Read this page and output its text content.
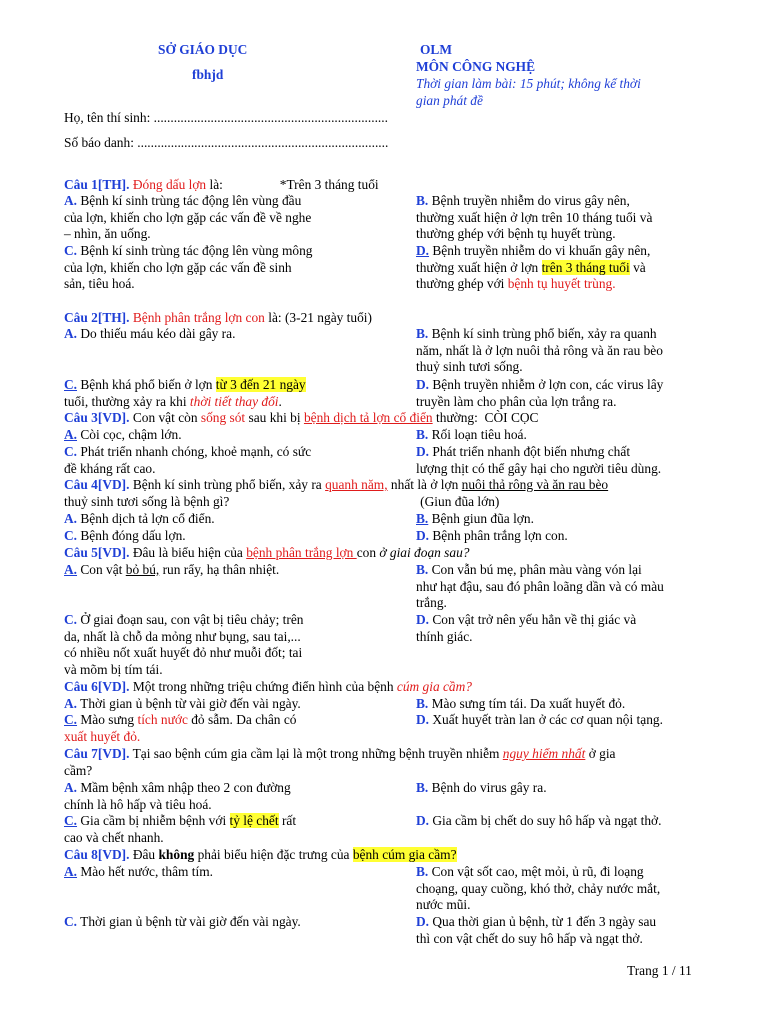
SỞ GIÁO DỤC
fbhjd
OLM
MÔN CÔNG NGHỆ
Thời gian làm bài: 15 phút; không kể thời
gian phát đề
Họ, tên thí sinh: ......................................................................
Số báo danh: ...........................................................................
Câu 1[TH]. Đóng dấu lợn là:                 *Trên 3 tháng tuổi
A. Bệnh kí sinh trùng tác động lên vùng đầu
của lợn, khiến cho lợn gặp các vấn đề về nghe
– nhìn, ăn uống.
B. Bệnh truyền nhiễm do virus gây nên,
thường xuất hiện ở lợn trên 10 tháng tuổi và
thường ghép với bệnh tụ huyết trùng.
C. Bệnh kí sinh trùng tác động lên vùng mông
của lợn, khiến cho lợn gặp các vấn đề sinh
sản, tiêu hoá.
D. Bệnh truyền nhiễm do vi khuẩn gây nên,
thường xuất hiện ở lợn trên 3 tháng tuổi và
thường ghép với bệnh tụ huyết trùng.
Câu 2[TH]. Bệnh phân trắng lợn con là: (3-21 ngày tuổi)
A. Do thiếu máu kéo dài gây ra.	B. Bệnh kí sinh trùng phổ biến, xảy ra quanh
năm, nhất là ở lợn nuôi thả rông và ăn rau bèo
thuỷ sinh tươi sống.
C. Bệnh khá phổ biến ở lợn từ 3 đến 21 ngày
tuổi, thường xảy ra khi thời tiết thay đổi.
D. Bệnh truyền nhiễm ở lợn con, các virus lây
truyền làm cho phân của lợn trắng ra.
Câu 3[VD]. Con vật còn sống sót sau khi bị bệnh dịch tả lợn cổ điển thường:  CÒI CỌC
A. Còi cọc, chậm lớn.	B. Rối loạn tiêu hoá.
C. Phát triển nhanh chóng, khoẻ mạnh, có sức
đề kháng rất cao.
D. Phát triển nhanh đột biến nhưng chất
lượng thịt có thể gây hại cho người tiêu dùng.
Câu 4[VD]. Bệnh kí sinh trùng phổ biến, xảy ra quanh năm, nhất là ở lợn nuôi thả rông và ăn rau bèo
thuỷ sinh tươi sống là bệnh gì?                                                         (Giun đũa lớn)
A. Bệnh dịch tả lợn cổ điển.	B. Bệnh giun đũa lợn.
C. Bệnh đóng dấu lợn.	D. Bệnh phân trắng lợn con.
Câu 5[VD]. Đâu là biểu hiện của bệnh phân trắng lợn con ở giai đoạn sau?
A. Con vật bỏ bú, run rẩy, hạ thân nhiệt.	B. Con vẫn bú mẹ, phân màu vàng vón lại
như hạt đậu, sau đó phân loãng dần và có màu
trắng.
C. Ở giai đoạn sau, con vật bị tiêu chảy; trên
da, nhất là chỗ da mỏng như bụng, sau tai,...
có nhiều nốt xuất huyết đỏ như muỗi đốt; tai
và mõm bị tím tái.
D. Con vật trở nên yếu hẳn về thị giác và
thính giác.
Câu 6[VD]. Một trong những triệu chứng điển hình của bệnh cúm gia cầm?
A. Thời gian ủ bệnh từ vài giờ đến vài ngày.	B. Mào sưng tím tái. Da xuất huyết đỏ.
C. Mào sưng tích nước đỏ sẫm. Da chân có
xuất huyết đỏ.
D. Xuất huyết tràn lan ở các cơ quan nội tạng.
Câu 7[VD]. Tại sao bệnh cúm gia cầm lại là một trong những bệnh truyền nhiễm nguy hiểm nhất ở gia
cầm?
A. Mầm bệnh xâm nhập theo 2 con đường
chính là hô hấp và tiêu hoá.
B. Bệnh do virus gây ra.
C. Gia cầm bị nhiễm bệnh với tỷ lệ chết rất
cao và chết nhanh.
D. Gia cầm bị chết do suy hô hấp và ngạt thở.
Câu 8[VD]. Đâu không phải biểu hiện đặc trưng của bệnh cúm gia cầm?
A. Mào hết nước, thâm tím.	B. Con vật sốt cao, mệt mỏi, ủ rũ, đi loạng
choạng, quay cuồng, khó thở, chảy nước mắt,
nước mũi.
C. Thời gian ủ bệnh từ vài giờ đến vài ngày.	D. Qua thời gian ủ bệnh, từ 1 đến 3 ngày sau
thì con vật chết do suy hô hấp và ngạt thở.
Trang 1 / 11
